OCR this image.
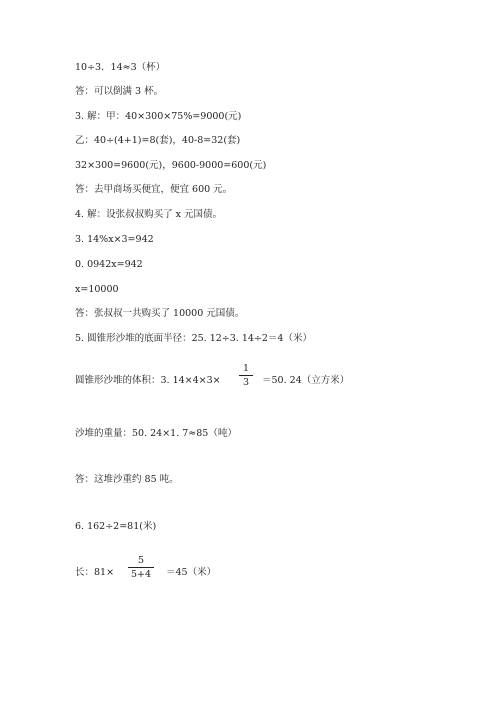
10÷3．14≈3（杯）
答：可以倒满 3 杯。
3. 解：甲：40×300×75%=9000(元)
乙：40÷(4+1)=8(套)，40-8=32(套)
32×300=9600(元)，9600-9000=600(元)
答：去甲商场买便宜，便宜 600 元。
4. 解：设张叔叔购买了 x 元国债。
3. 14%x×3=942
0. 0942x=942
x=10000
答：张叔叔一共购买了 10000 元国债。
5. 圆锥形沙堆的底面半径：25. 12÷3. 14÷2＝4（米）
圆锥形沙堆的体积：3. 14×4×3×
1
3	＝50. 24（立方米）
沙堆的重量：50. 24×1. 7≈85（吨）
答：这堆沙重约 85 吨。
6. 162÷2=81(米)
长：81×
5
5+4	＝45（米）
